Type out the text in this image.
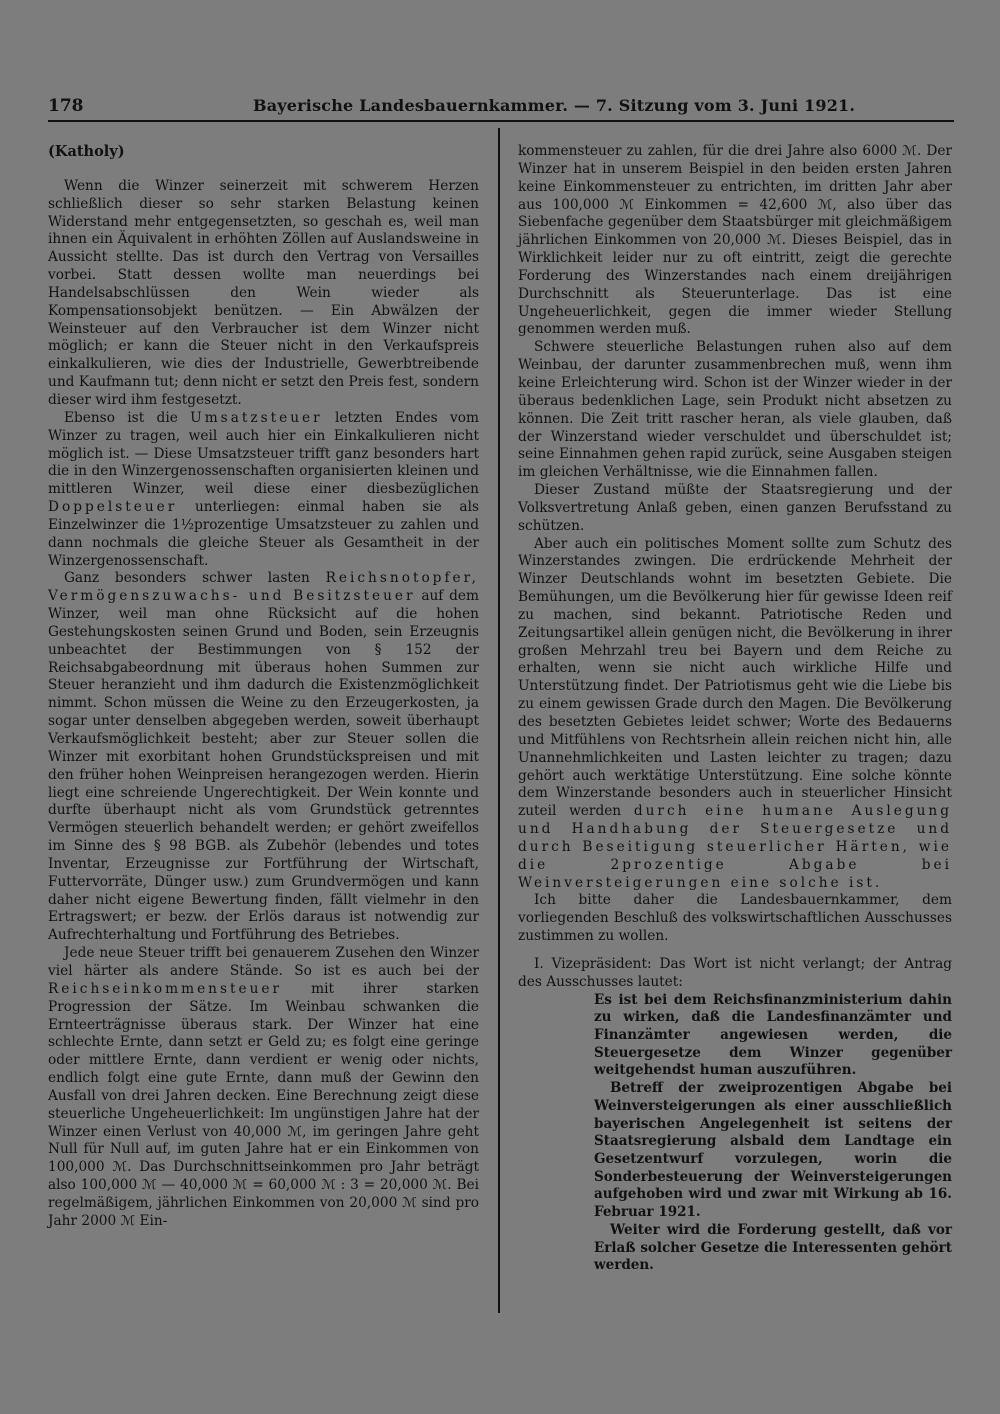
178	Bayerische Landesbauernkammer. — 7. Sitzung vom 3. Juni 1921.
(Katholy)

Wenn die Winzer seinerzeit mit schwerem Herzen schließlich dieser so sehr starken Belastung keinen Widerstand mehr entgegensetzten, so geschah es, weil man ihnen ein Äquivalent in erhöhten Zöllen auf Auslandsweine in Aussicht stellte. Das ist durch den Vertrag von Versailles vorbei. Statt dessen wollte man neuerdings bei Handelsabschlüssen den Wein wieder als Kompensationsobjekt benützen. — Ein Abwälzen der Weinsteuer auf den Verbraucher ist dem Winzer nicht möglich; er kann die Steuer nicht in den Verkaufspreis einkalkulieren, wie dies der Industrielle, Gewerbtreibende und Kaufmann tut; denn nicht er setzt den Preis fest, sondern dieser wird ihm festgesetzt.

Ebenso ist die Umsatzsteuer letzten Endes vom Winzer zu tragen, weil auch hier ein Einkalkulieren nicht möglich ist. — Diese Umsatzsteuer trifft ganz besonders hart die in den Winzergenossenschaften organisierten kleinen und mittleren Winzer, weil diese einer diesbezüglichen Doppelsteuer unterliegen: einmal haben sie als Einzelwinzer die 1½prozentige Umsatzsteuer zu zahlen und dann nochmals die gleiche Steuer als Gesamtheit in der Winzergenossenschaft.

Ganz besonders schwer lasten Reichsnotopfer, Vermögenszuwachs- und Besitzsteuer auf dem Winzer, weil man ohne Rücksicht auf die hohen Gestehungskosten seinen Grund und Boden, sein Erzeugnis unbeachtet der Bestimmungen von § 152 der Reichsabgabeordnung mit überaus hohen Summen zur Steuer heranzieht und ihm dadurch die Existenzmöglichkeit nimmt. Schon müssen die Weine zu den Erzeugerkosten, ja sogar unter denselben abgegeben werden, soweit überhaupt Verkaufsmöglichkeit besteht; aber zur Steuer sollen die Winzer mit exorbitant hohen Grundstückspreisen und mit den früher hohen Weinpreisen herangezogen werden. Hierin liegt eine schreiende Ungerechtigkeit. Der Wein konnte und durfte überhaupt nicht als vom Grundstück getrenntes Vermögen steuerlich behandelt werden; er gehört zweifellos im Sinne des § 98 BGB. als Zubehör (lebendes und totes Inventar, Erzeugnisse zur Fortführung der Wirtschaft, Futtervorräte, Dünger usw.) zum Grundvermögen und kann daher nicht eigene Bewertung finden, fällt vielmehr in den Ertragswert; er bezw. der Erlös daraus ist notwendig zur Aufrechterhaltung und Fortführung des Betriebes.

Jede neue Steuer trifft bei genauerem Zusehen den Winzer viel härter als andere Stände. So ist es auch bei der Reichseinkommensteuer mit ihrer starken Progression der Sätze. Im Weinbau schwanken die Ernteerträgnisse überaus stark. Der Winzer hat eine schlechte Ernte, dann setzt er Geld zu; es folgt eine geringe oder mittlere Ernte, dann verdient er wenig oder nichts, endlich folgt eine gute Ernte, dann muß der Gewinn den Ausfall von drei Jahren decken. Eine Berechnung zeigt diese steuerliche Ungeheuerlichkeit: Im ungünstigen Jahre hat der Winzer einen Verlust von 40,000 ℳ, im geringen Jahre geht Null für Null auf, im guten Jahre hat er ein Einkommen von 100,000 ℳ. Das Durchschnittseinkommen pro Jahr beträgt also 100,000 ℳ — 40,000 ℳ = 60,000 ℳ : 3 = 20,000 ℳ. Bei regelmäßigem, jährlichen Einkommen von 20,000 ℳ sind pro Jahr 2000 ℳ Ein-

kommensteuer zu zahlen, für die drei Jahre also 6000 ℳ. Der Winzer hat in unserem Beispiel in den beiden ersten Jahren keine Einkommensteuer zu entrichten, im dritten Jahr aber aus 100,000 ℳ Einkommen = 42,600 ℳ, also über das Siebenfache gegenüber dem Staatsbürger mit gleichmäßigem jährlichen Einkommen von 20,000 ℳ. Dieses Beispiel, das in Wirklichkeit leider nur zu oft eintritt, zeigt die gerechte Forderung des Winzerstandes nach einem dreijährigen Durchschnitt als Steuerunterlage. Das ist eine Ungeheuerlichkeit, gegen die immer wieder Stellung genommen werden muß.

Schwere steuerliche Belastungen ruhen also auf dem Weinbau, der darunter zusammenbrechen muß, wenn ihm keine Erleichterung wird. Schon ist der Winzer wieder in der überaus bedenklichen Lage, sein Produkt nicht absetzen zu können. Die Zeit tritt rascher heran, als viele glauben, daß der Winzerstand wieder verschuldet und überschuldet ist; seine Einnahmen gehen rapid zurück, seine Ausgaben steigen im gleichen Verhältnisse, wie die Einnahmen fallen.

Dieser Zustand müßte der Staatsregierung und der Volksvertretung Anlaß geben, einen ganzen Berufsstand zu schützen.

Aber auch ein politisches Moment sollte zum Schutz des Winzerstandes zwingen. Die erdrückende Mehrheit der Winzer Deutschlands wohnt im besetzten Gebiete. Die Bemühungen, um die Bevölkerung hier für gewisse Ideen reif zu machen, sind bekannt. Patriotische Reden und Zeitungsartikel allein genügen nicht, die Bevölkerung in ihrer großen Mehrzahl treu bei Bayern und dem Reiche zu erhalten, wenn sie nicht auch wirkliche Hilfe und Unterstützung findet. Der Patriotismus geht wie die Liebe bis zu einem gewissen Grade durch den Magen. Die Bevölkerung des besetzten Gebietes leidet schwer; Worte des Bedauerns und Mitfühlens von Rechtsrhein allein reichen nicht hin, alle Unannehmlichkeiten und Lasten leichter zu tragen; dazu gehört auch werktätige Unterstützung. Eine solche könnte dem Winzerstande besonders auch in steuerlicher Hinsicht zuteil werden durch eine humane Auslegung und Handhabung der Steuergesetze und durch Beseitigung steuerlicher Härten, wie die 2prozentige Abgabe bei Weinversteigerungen eine solche ist.

Ich bitte daher die Landesbauernkammer, dem vorliegenden Beschluß des volkswirtschaftlichen Ausschusses zustimmen zu wollen.

I. Vizepräsident: Das Wort ist nicht verlangt; der Antrag des Ausschusses lautet:

Es ist bei dem Reichsfinanzministerium dahin zu wirken, daß die Landesfinanzämter und Finanzämter angewiesen werden, die Steuergesetze dem Winzer gegenüber weitgehendst human auszuführen.

Betreff der zweiprozentigen Abgabe bei Weinversteigerungen als einer ausschließlich bayerischen Angelegenheit ist seitens der Staatsregierung alsbald dem Landtage ein Gesetzentwurf vorzulegen, worin die Sonderbesteuerung der Weinversteigerungen aufgehoben wird und zwar mit Wirkung ab 16. Februar 1921.

Weiter wird die Forderung gestellt, daß vor Erlaß solcher Gesetze die Interessenten gehört werden.
